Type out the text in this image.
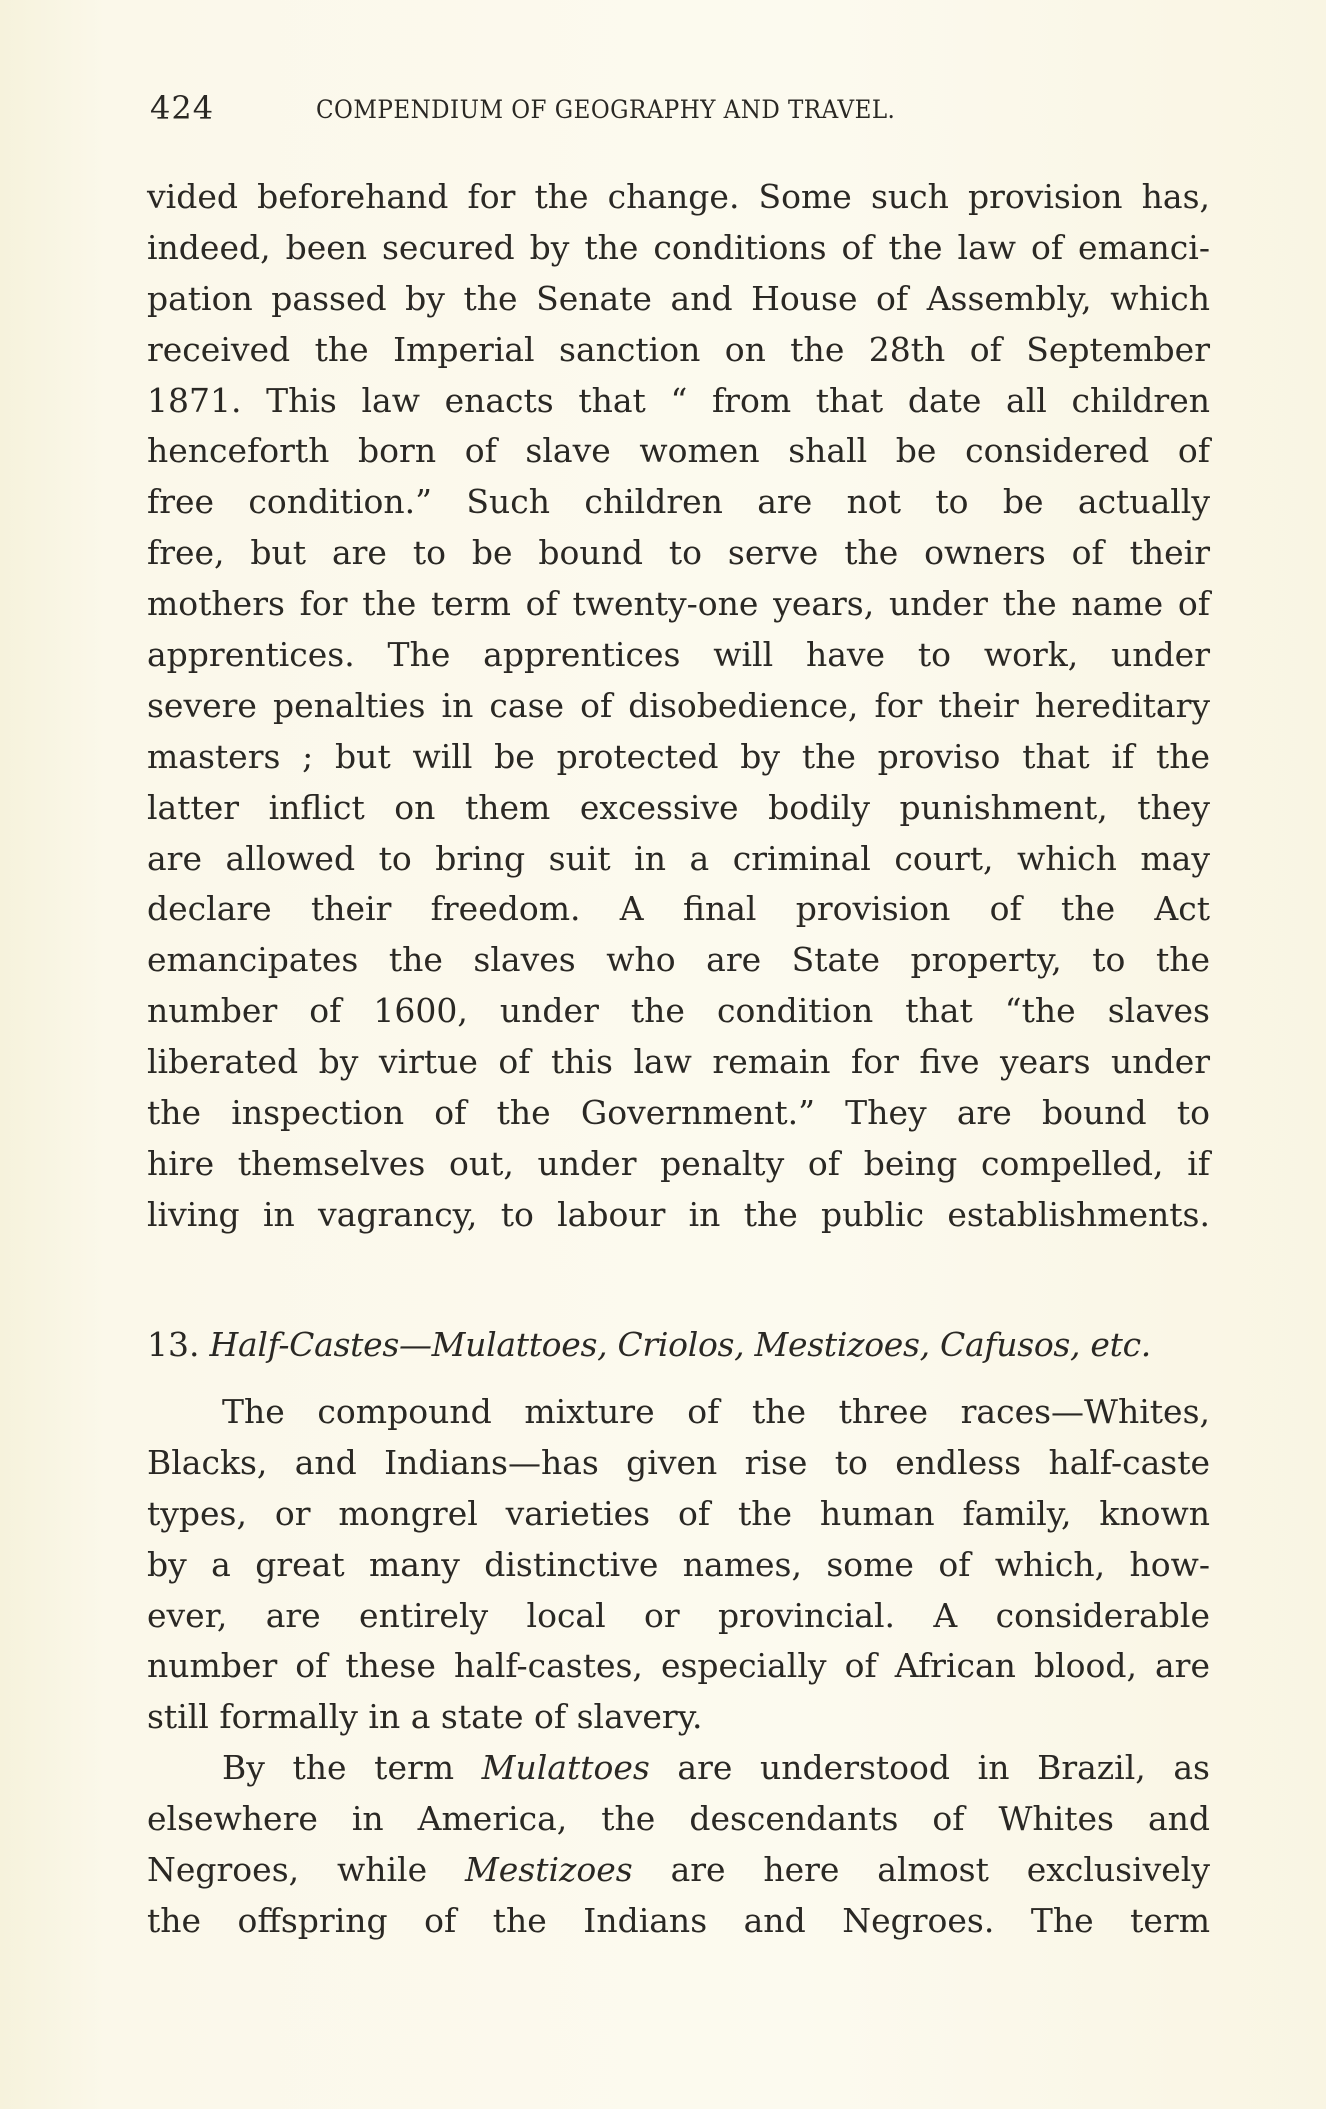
424	COMPENDIUM OF GEOGRAPHY AND TRAVEL.
vided beforehand for the change. Some such provision has,
indeed, been secured by the conditions of the law of emanci-
pation passed by the Senate and House of Assembly, which
received the Imperial sanction on the 28th of September
1871. This law enacts that “ from that date all children
henceforth born of slave women shall be considered of
free condition.” Such children are not to be actually
free, but are to be bound to serve the owners of their
mothers for the term of twenty-one years, under the name of
apprentices. The apprentices will have to work, under
severe penalties in case of disobedience, for their hereditary
masters ; but will be protected by the proviso that if the
latter inflict on them excessive bodily punishment, they
are allowed to bring suit in a criminal court, which may
declare their freedom. A final provision of the Act
emancipates the slaves who are State property, to the
number of 1600, under the condition that “the slaves
liberated by virtue of this law remain for five years under
the inspection of the Government.” They are bound to
hire themselves out, under penalty of being compelled, if
living in vagrancy, to labour in the public establishments.
13. Half-Castes—Mulattoes, Criolos, Mestizoes, Cafusos, etc.
The compound mixture of the three races—Whites,
Blacks, and Indians—has given rise to endless half-caste
types, or mongrel varieties of the human family, known
by a great many distinctive names, some of which, how-
ever, are entirely local or provincial. A considerable
number of these half-castes, especially of African blood, are
still formally in a state of slavery.
By the term Mulattoes are understood in Brazil, as
elsewhere in America, the descendants of Whites and
Negroes, while Mestizoes are here almost exclusively
the offspring of the Indians and Negroes. The term
